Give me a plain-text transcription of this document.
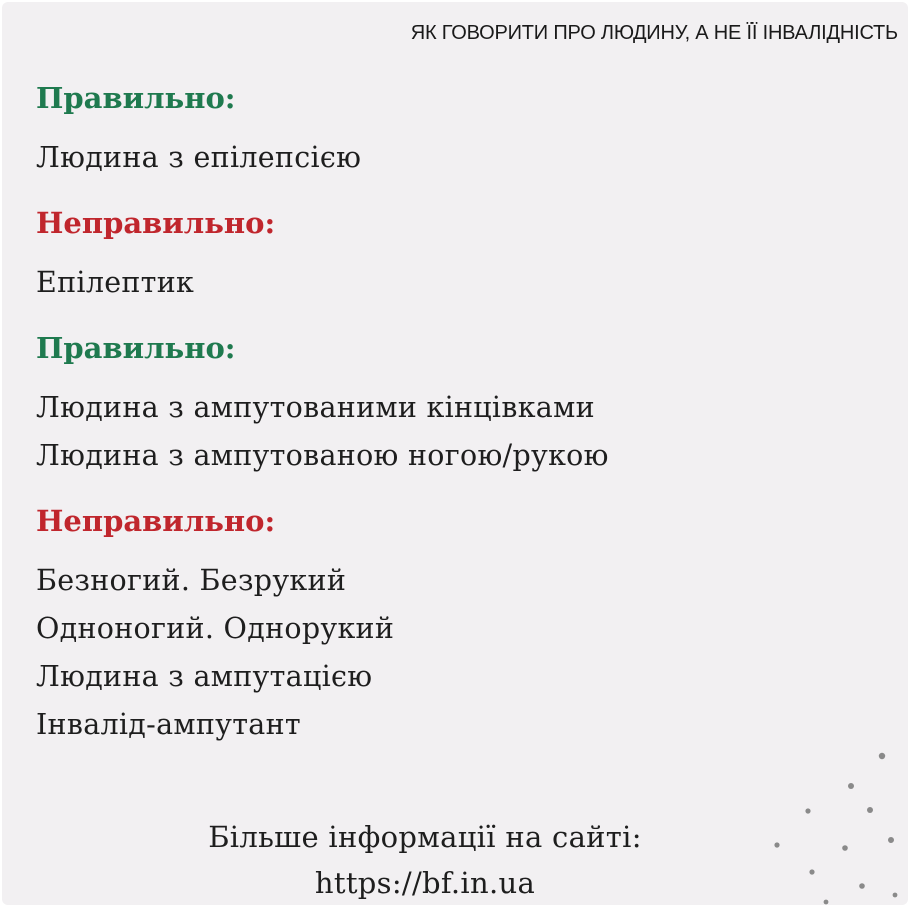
ЯК ГОВОРИТИ ПРО ЛЮДИНУ, А НЕ ЇЇ ІНВАЛІДНІСТЬ

Правильно:

Людина з епілепсією

Неправильно:

Епілептик

Правильно:

Людина з ампутованими кінцівками
Людина з ампутованою ногою/рукою

Неправильно:

Безногий. Безрукий
Одноногий. Однорукий
Людина з ампутацією
Інвалід-ампутант

Більше інформації на сайті:
https://bf.in.ua
